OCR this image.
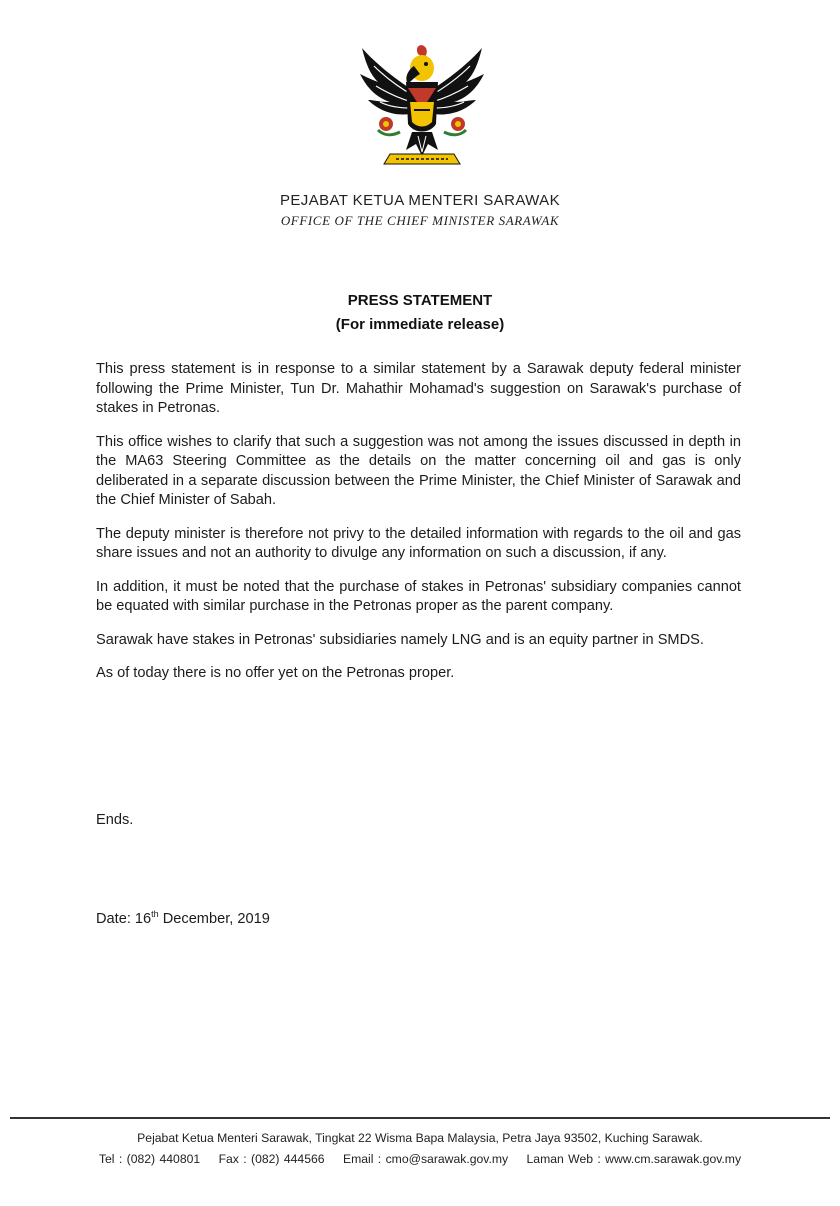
PEJABAT KETUA MENTERI SARAWAK
OFFICE OF THE CHIEF MINISTER SARAWAK
PRESS STATEMENT
(For immediate release)

This press statement is in response to a similar statement by a Sarawak deputy federal minister following the Prime Minister, Tun Dr. Mahathir Mohamad's suggestion on Sarawak's purchase of stakes in Petronas.

This office wishes to clarify that such a suggestion was not among the issues discussed in depth in the MA63 Steering Committee as the details on the matter concerning oil and gas is only deliberated in a separate discussion between the Prime Minister, the Chief Minister of Sarawak and the Chief Minister of Sabah.

The deputy minister is therefore not privy to the detailed information with regards to the oil and gas share issues and not an authority to divulge any information on such a discussion, if any.

In addition, it must be noted that the purchase of stakes in Petronas' subsidiary companies cannot be equated with similar purchase in the Petronas proper as the parent company.

Sarawak have stakes in Petronas' subsidiaries namely LNG and is an equity partner in SMDS.

As of today there is no offer yet on the Petronas proper.

Ends.
Date: 16th December, 2019
Pejabat Ketua Menteri Sarawak, Tingkat 22 Wisma Bapa Malaysia, Petra Jaya 93502, Kuching Sarawak.
Tel : (082) 440801 Fax : (082) 444566 Email : cmo@sarawak.gov.my Laman Web : www.cm.sarawak.gov.my
